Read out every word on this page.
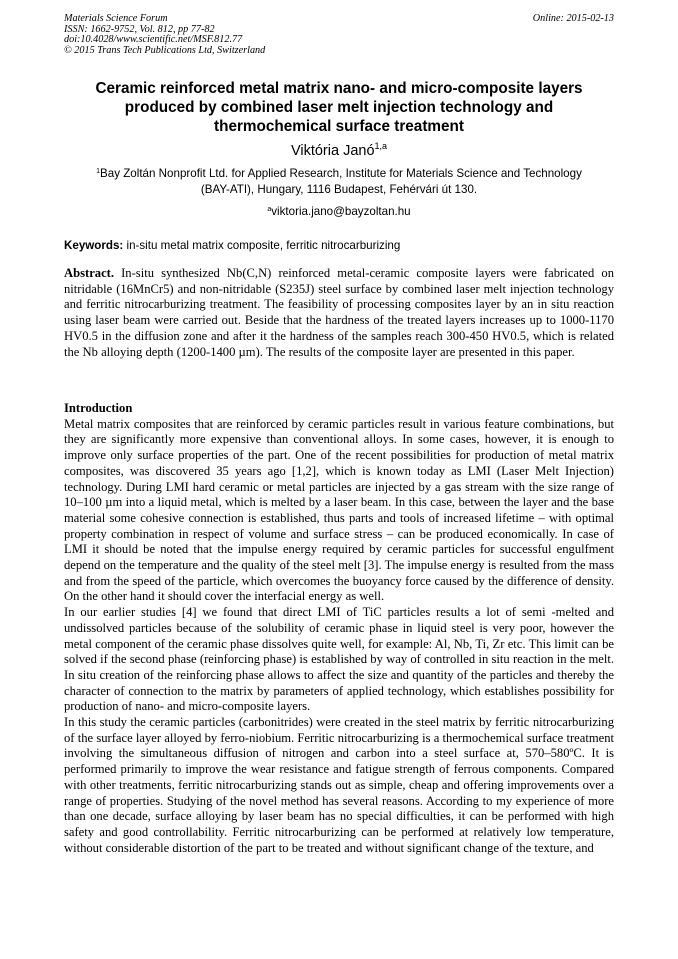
Materials Science Forum
ISSN: 1662-9752, Vol. 812, pp 77-82
doi:10.4028/www.scientific.net/MSF.812.77
© 2015 Trans Tech Publications Ltd, Switzerland
Online: 2015-02-13
Ceramic reinforced metal matrix nano- and micro-composite layers
produced by combined laser melt injection technology and
thermochemical surface treatment
Viktória Janó$^{1,a}$
$^1$Bay Zoltán Nonprofit Ltd. for Applied Research, Institute for Materials Science and Technology
(BAY-ATI), Hungary, 1116 Budapest, Fehérvári út 130.
$^a$viktoria.jano@bayzoltan.hu
Keywords: in-situ metal matrix composite, ferritic nitrocarburizing

Abstract. In-situ synthesized Nb(C,N) reinforced metal-ceramic composite layers were fabricated on nitridable (16MnCr5) and non-nitridable (S235J) steel surface by combined laser melt injection technology and ferritic nitrocarburizing treatment. The feasibility of processing composites layer by an in situ reaction using laser beam were carried out. Beside that the hardness of the treated layers increases up to 1000-1170 HV0.5 in the diffusion zone and after it the hardness of the samples reach 300-450 HV0.5, which is related the Nb alloying depth (1200-1400 µm). The results of the composite layer are presented in this paper.

Introduction

Metal matrix composites that are reinforced by ceramic particles result in various feature combinations, but they are significantly more expensive than conventional alloys. In some cases, however, it is enough to improve only surface properties of the part. One of the recent possibilities for production of metal matrix composites, was discovered 35 years ago [1,2], which is known today as LMI (Laser Melt Injection) technology. During LMI hard ceramic or metal particles are injected by a gas stream with the size range of 10–100 µm into a liquid metal, which is melted by a laser beam. In this case, between the layer and the base material some cohesive connection is established, thus parts and tools of increased lifetime – with optimal property combination in respect of volume and surface stress – can be produced economically. In case of LMI it should be noted that the impulse energy required by ceramic particles for successful engulfment depend on the temperature and the quality of the steel melt [3]. The impulse energy is resulted from the mass and from the speed of the particle, which overcomes the buoyancy force caused by the difference of density. On the other hand it should cover the interfacial energy as well.

In our earlier studies [4] we found that direct LMI of TiC particles results a lot of semi -melted and undissolved particles because of the solubility of ceramic phase in liquid steel is very poor, however the metal component of the ceramic phase dissolves quite well, for example: Al, Nb, Ti, Zr etc. This limit can be solved if the second phase (reinforcing phase) is established by way of controlled in situ reaction in the melt. In situ creation of the reinforcing phase allows to affect the size and quantity of the particles and thereby the character of connection to the matrix by parameters of applied technology, which establishes possibility for production of nano- and micro-composite layers.

In this study the ceramic particles (carbonitrides) were created in the steel matrix by ferritic nitrocarburizing of the surface layer alloyed by ferro-niobium. Ferritic nitrocarburizing is a thermochemical surface treatment involving the simultaneous diffusion of nitrogen and carbon into a steel surface at, 570–580ºC. It is performed primarily to improve the wear resistance and fatigue strength of ferrous components. Compared with other treatments, ferritic nitrocarburizing stands out as simple, cheap and offering improvements over a range of properties. Studying of the novel method has several reasons. According to my experience of more than one decade, surface alloying by laser beam has no special difficulties, it can be performed with high safety and good controllability. Ferritic nitrocarburizing can be performed at relatively low temperature, without considerable distortion of the part to be treated and without significant change of the texture, and
